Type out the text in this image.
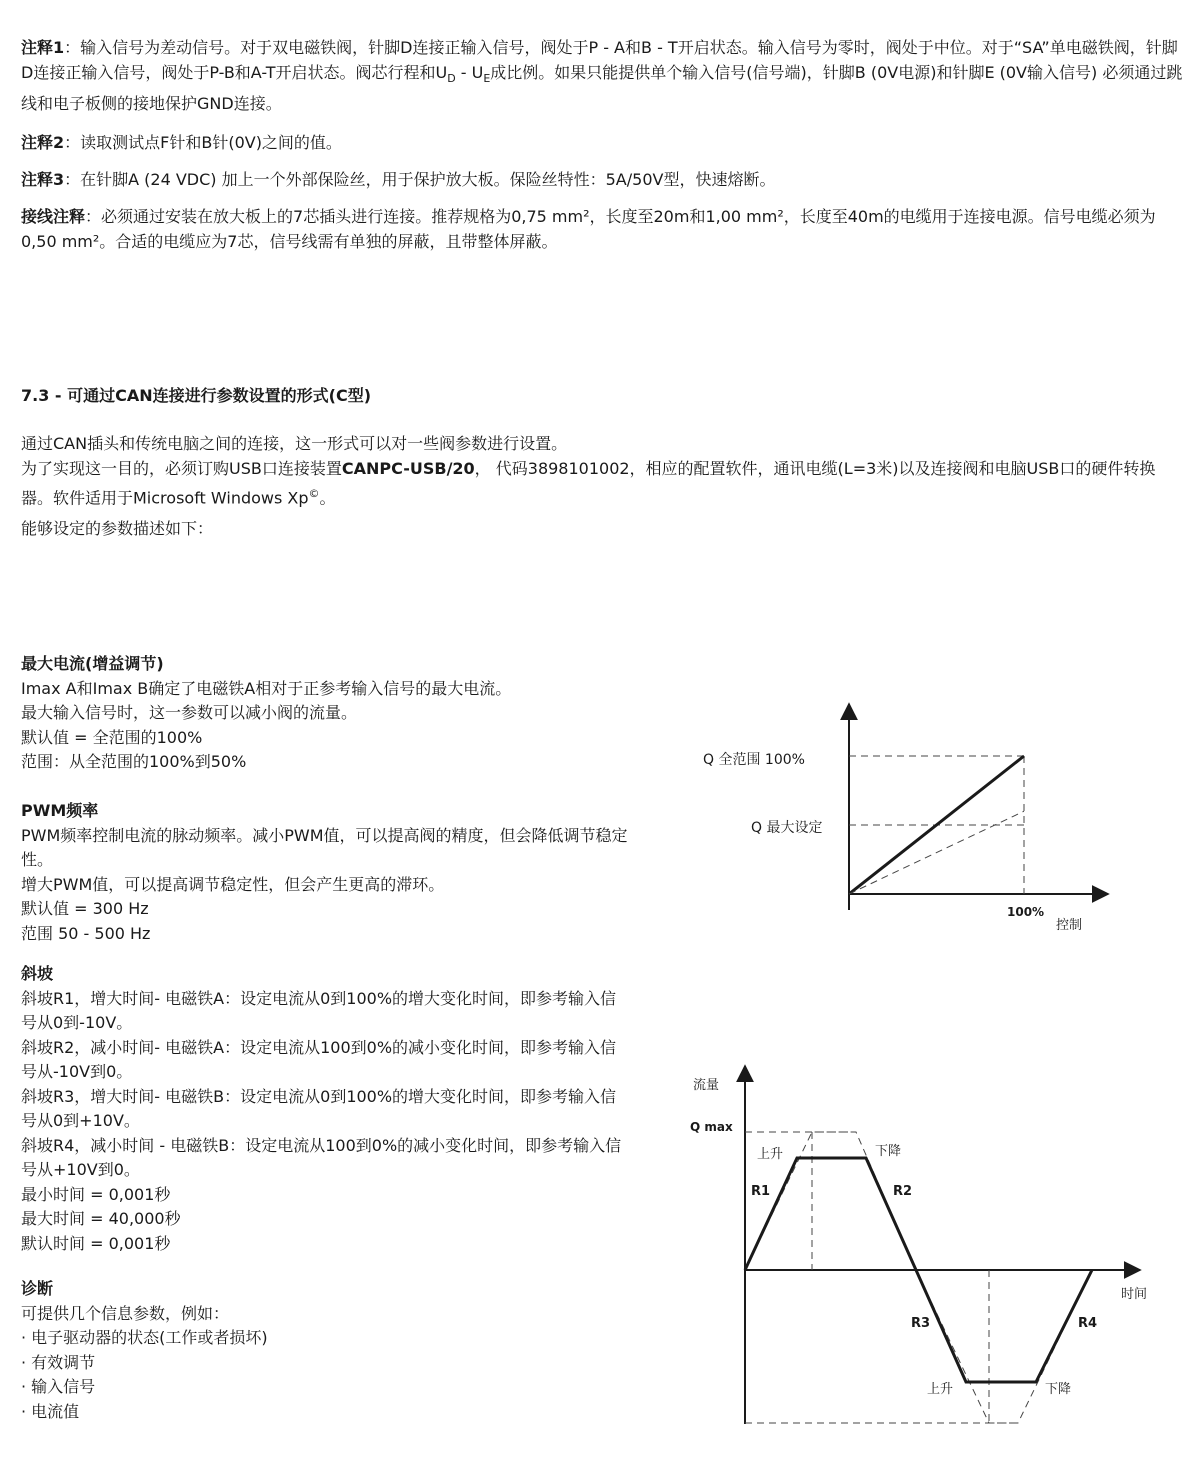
注释1：输入信号为差动信号。对于双电磁铁阀，针脚D连接正输入信号，阀处于P - A和B - T开启状态。输入信号为零时，阀处于中位。对于“SA”单电磁铁阀，针脚D连接正输入信号，阀处于P-B和A-T开启状态。阀芯行程和$U_D - U_E$成比例。如果只能提供单个输入信号(信号端)，针脚B (0V电源)和针脚E (0V输入信号) 必须通过跳线和电子板侧的接地保护GND连接。
注释2：读取测试点F针和B针(0V)之间的值。
注释3：在针脚A (24 VDC) 加上一个外部保险丝，用于保护放大板。保险丝特性：5A/50V型，快速熔断。
接线注释：必须通过安装在放大板上的7芯插头进行连接。推荐规格为0,75 mm²，长度至20m和1,00 mm²，长度至40m的电缆用于连接电源。信号电缆必须为0,50 mm²。合适的电缆应为7芯，信号线需有单独的屏蔽，且带整体屏蔽。
7.3 - 可通过CAN连接进行参数设置的形式(C型)
通过CAN插头和传统电脑之间的连接，这一形式可以对一些阀参数进行设置。
为了实现这一目的，必须订购USB口连接装置CANPC-USB/20， 代码3898101002，相应的配置软件，通讯电缆(L=3米)以及连接阀和电脑USB口的硬件转换器。软件适用于Microsoft Windows Xp©。
能够设定的参数描述如下：
最大电流(增益调节)
Imax A和Imax B确定了电磁铁A相对于正参考输入信号的最大电流。
最大输入信号时，这一参数可以减小阀的流量。
默认值 = 全范围的100%
范围：从全范围的100%到50%
PWM频率
PWM频率控制电流的脉动频率。减小PWM值，可以提高阀的精度，但会降低调节稳定性。
增大PWM值，可以提高调节稳定性，但会产生更高的滞环。
默认值 = 300 Hz
范围 50 - 500 Hz
斜坡
斜坡R1，增大时间- 电磁铁A：设定电流从0到100%的增大变化时间，即参考输入信号从0到-10V。
斜坡R2，减小时间- 电磁铁A：设定电流从100到0%的减小变化时间，即参考输入信号从-10V到0。
斜坡R3，增大时间- 电磁铁B：设定电流从0到100%的增大变化时间，即参考输入信号从0到+10V。
斜坡R4，减小时间 - 电磁铁B：设定电流从100到0%的减小变化时间，即参考输入信号从+10V到0。
最小时间 = 0,001秒
最大时间 = 40,000秒
默认时间 = 0,001秒
诊断
可提供几个信息参数，例如：
· 电子驱动器的状态(工作或者损坏)
· 有效调节
· 输入信号
· 电流值
Q 全范围 100%
Q 最大设定
100%
控制
流量
Q max
时间
上升	下降
上升	下降
R1	R2
R3	R4
